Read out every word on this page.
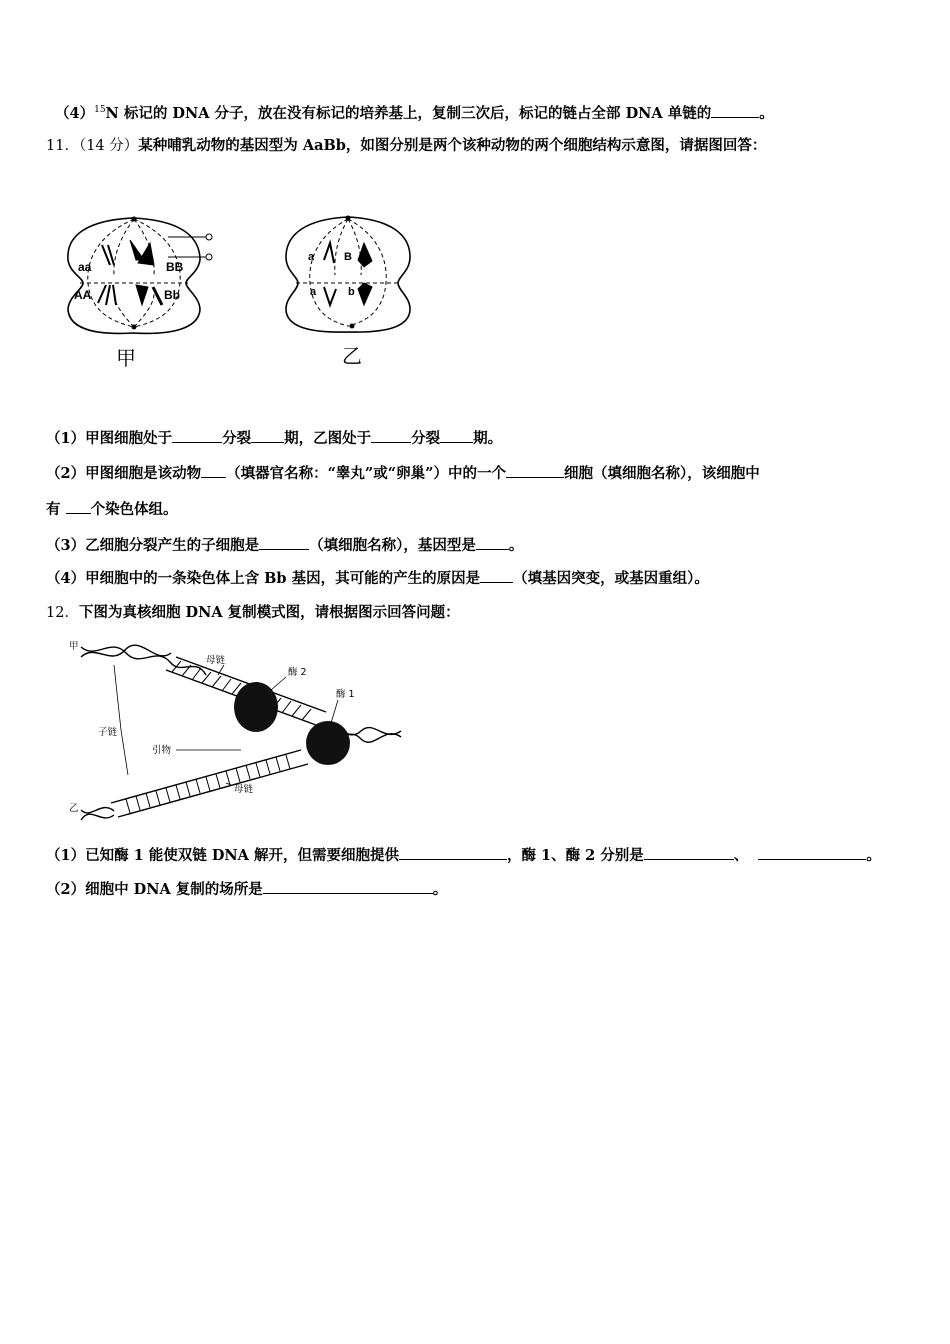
$(4)^{15}N$ 标记的 DNA 分子，放在没有标记的培养基上，复制三次后，标记的链占全部 DNA 单链的	。
11．（14 分）某种哺乳动物的基因型为 AaBb，如图分别是两个该种动物的两个细胞结构示意图，请据图回答：
aa	BB
AA	Bb
a	B
a	b
甲	乙
（1）甲图细胞处于	分裂 期，乙图处于	分裂 期。
（2）甲图细胞是该动物 （填器官名称：“睾丸”或“卵巢”）中的一个	细胞（填细胞名称），该细胞中
有 个染色体组。
（3）乙细胞分裂产生的子细胞是	（填细胞名称），基因型是 。
（4）甲细胞中的一条染色体上含 Bb 基因，其可能的产生的原因是 （填基因突变，或基因重组）。
12．下图为真核细胞 DNA 复制模式图，请根据图示回答问题：
甲
母链
酶 2
酶 1
子链
引物
母链
乙
（1）已知酶 1 能使双链 DNA 解开，但需要细胞提供	，酶 1、酶 2 分别是	、	。
（2）细胞中 DNA 复制的场所是	。
